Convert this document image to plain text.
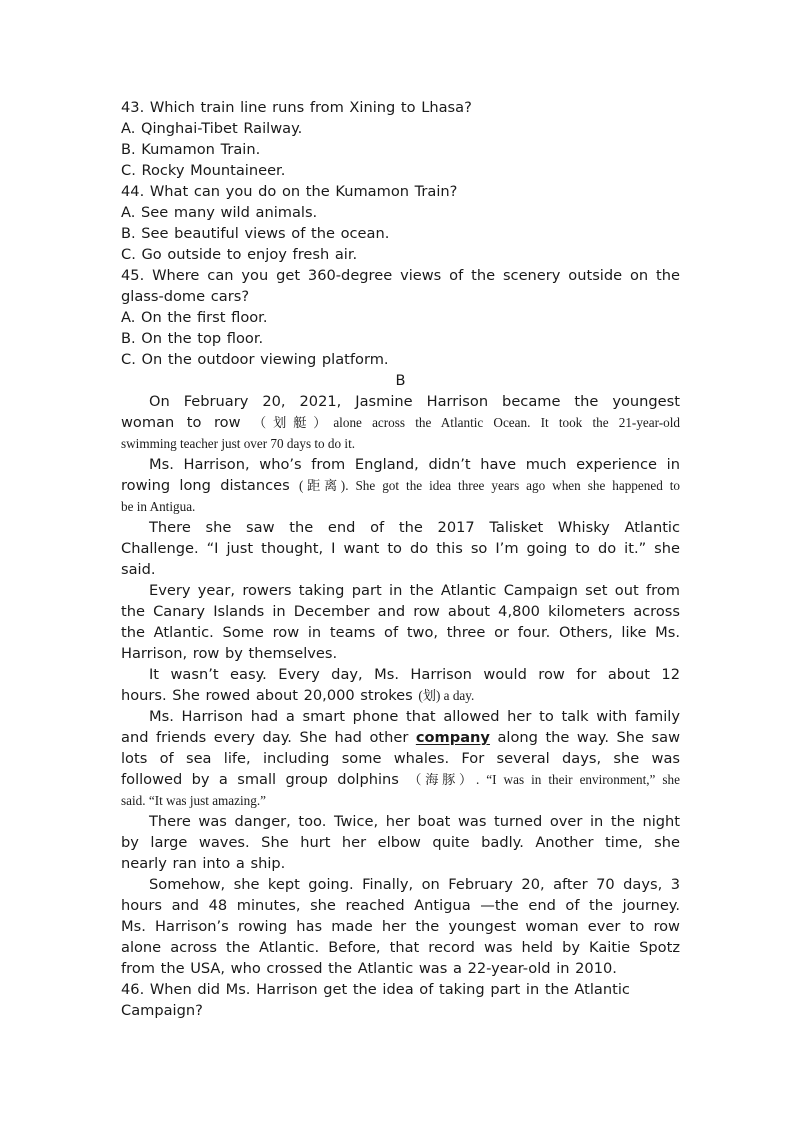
43. Which train line runs from Xining to Lhasa?
A. Qinghai-Tibet Railway.
B. Kumamon Train.
C. Rocky Mountaineer.
44. What can you do on the Kumamon Train?
A. See many wild animals.
B. See beautiful views of the ocean.
C. Go outside to enjoy fresh air.
45. Where can you get 360-degree views of the scenery outside on the
glass-dome cars?
A. On the first floor.
B. On the top floor.
C. On the outdoor viewing platform.
B
On February 20, 2021, Jasmine Harrison became the youngest
woman to row （划艇）alone across the Atlantic Ocean. It took the 21-year-old
swimming teacher just over 70 days to do it.
Ms. Harrison, who’s from England, didn’t have much experience in
rowing long distances (距离). She got the idea three years ago when she happened to
be in Antigua.
There she saw the end of the 2017 Talisket Whisky Atlantic
Challenge. “I just thought, I want to do this so I’m going to do it.” she
said.
Every year, rowers taking part in the Atlantic Campaign set out from
the Canary Islands in December and row about 4,800 kilometers across
the Atlantic. Some row in teams of two, three or four. Others, like Ms.
Harrison, row by themselves.
It wasn’t easy. Every day, Ms. Harrison would row for about 12
hours. She rowed about 20,000 strokes (划) a day.
Ms. Harrison had a smart phone that allowed her to talk with family
and friends every day. She had other company along the way. She saw
lots of sea life, including some whales. For several days, she was
followed by a small group dolphins （海豚）. “I was in their environment,” she
said. “It was just amazing.”
There was danger, too. Twice, her boat was turned over in the night
by large waves. She hurt her elbow quite badly. Another time, she
nearly ran into a ship.
Somehow, she kept going. Finally, on February 20, after 70 days, 3
hours and 48 minutes, she reached Antigua —the end of the journey.
Ms. Harrison’s rowing has made her the youngest woman ever to row
alone across the Atlantic. Before, that record was held by Kaitie Spotz
from the USA, who crossed the Atlantic was a 22-year-old in 2010.
46. When did Ms. Harrison get the idea of taking part in the Atlantic
Campaign?
